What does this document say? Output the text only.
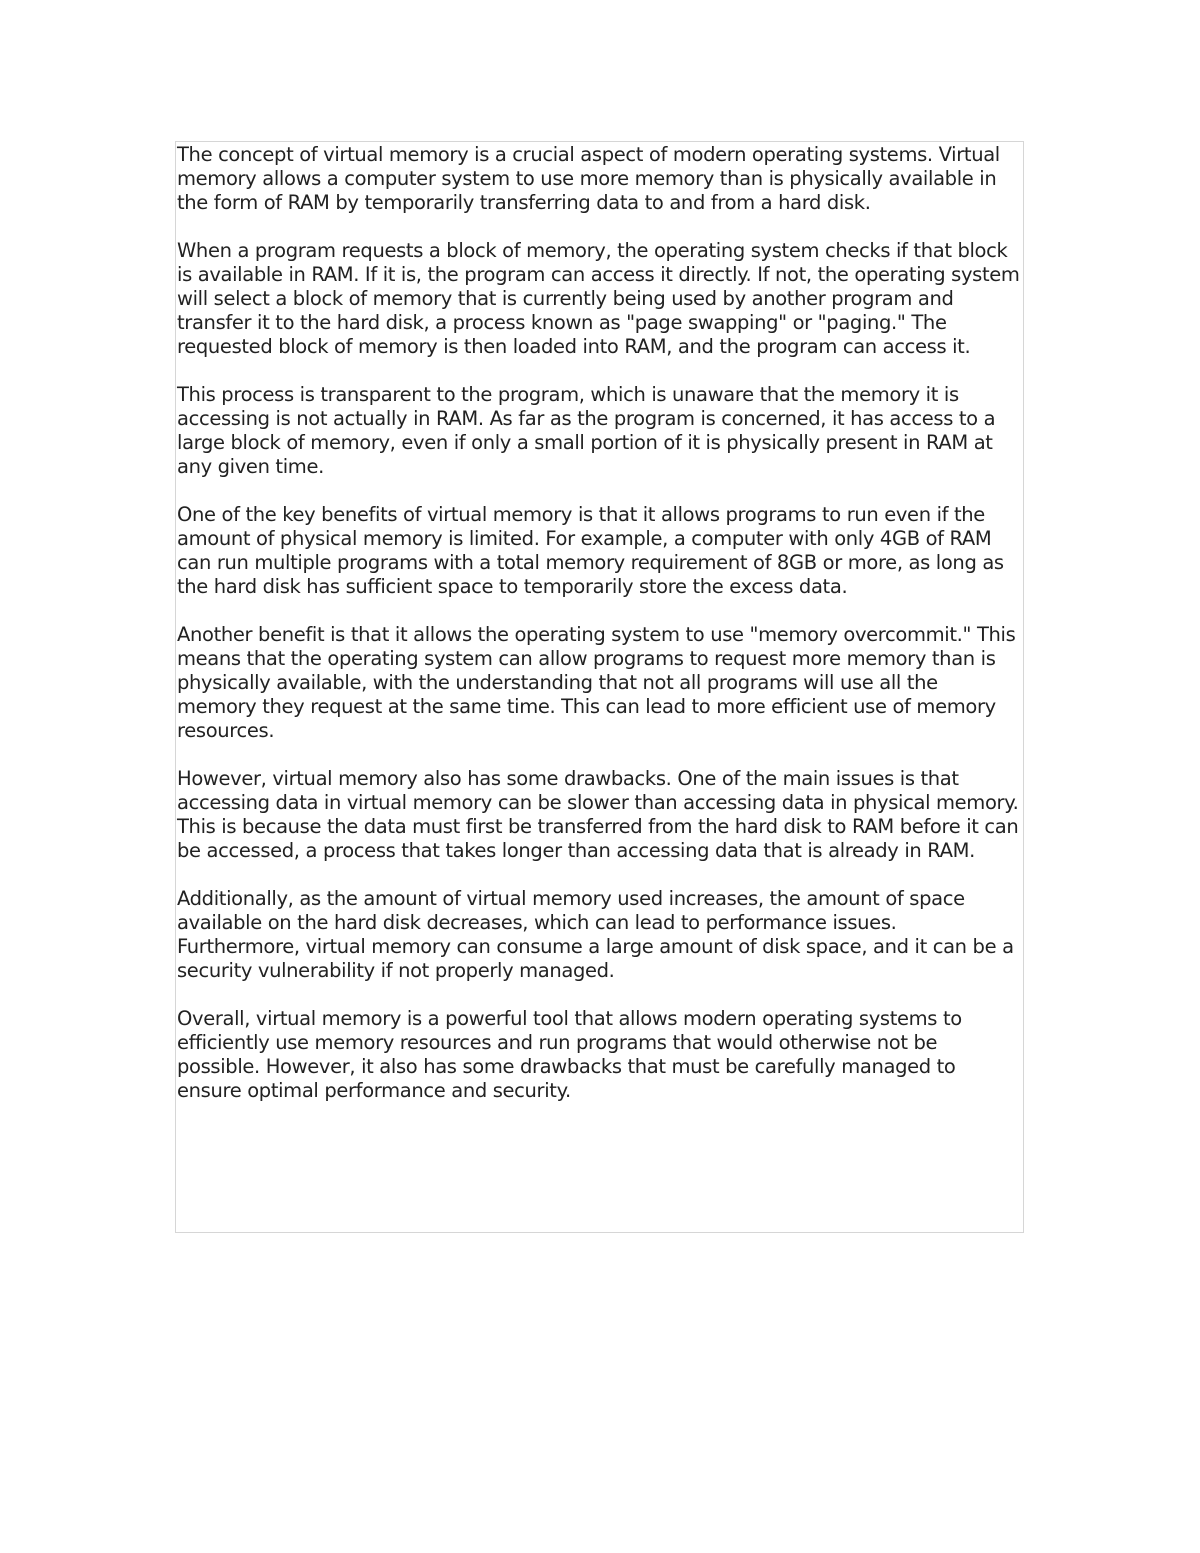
The concept of virtual memory is a crucial aspect of modern operating systems. Virtual memory allows a computer system to use more memory than is physically available in the form of RAM by temporarily transferring data to and from a hard disk.

When a program requests a block of memory, the operating system checks if that block is available in RAM. If it is, the program can access it directly. If not, the operating system will select a block of memory that is currently being used by another program and transfer it to the hard disk, a process known as "page swapping" or "paging." The requested block of memory is then loaded into RAM, and the program can access it.

This process is transparent to the program, which is unaware that the memory it is accessing is not actually in RAM. As far as the program is concerned, it has access to a large block of memory, even if only a small portion of it is physically present in RAM at any given time.

One of the key benefits of virtual memory is that it allows programs to run even if the amount of physical memory is limited. For example, a computer with only 4GB of RAM can run multiple programs with a total memory requirement of 8GB or more, as long as the hard disk has sufficient space to temporarily store the excess data.

Another benefit is that it allows the operating system to use "memory overcommit." This means that the operating system can allow programs to request more memory than is physically available, with the understanding that not all programs will use all the memory they request at the same time. This can lead to more efficient use of memory resources.

However, virtual memory also has some drawbacks. One of the main issues is that accessing data in virtual memory can be slower than accessing data in physical memory. This is because the data must first be transferred from the hard disk to RAM before it can be accessed, a process that takes longer than accessing data that is already in RAM.

Additionally, as the amount of virtual memory used increases, the amount of space available on the hard disk decreases, which can lead to performance issues. Furthermore, virtual memory can consume a large amount of disk space, and it can be a security vulnerability if not properly managed.

Overall, virtual memory is a powerful tool that allows modern operating systems to efficiently use memory resources and run programs that would otherwise not be possible. However, it also has some drawbacks that must be carefully managed to ensure optimal performance and security.
